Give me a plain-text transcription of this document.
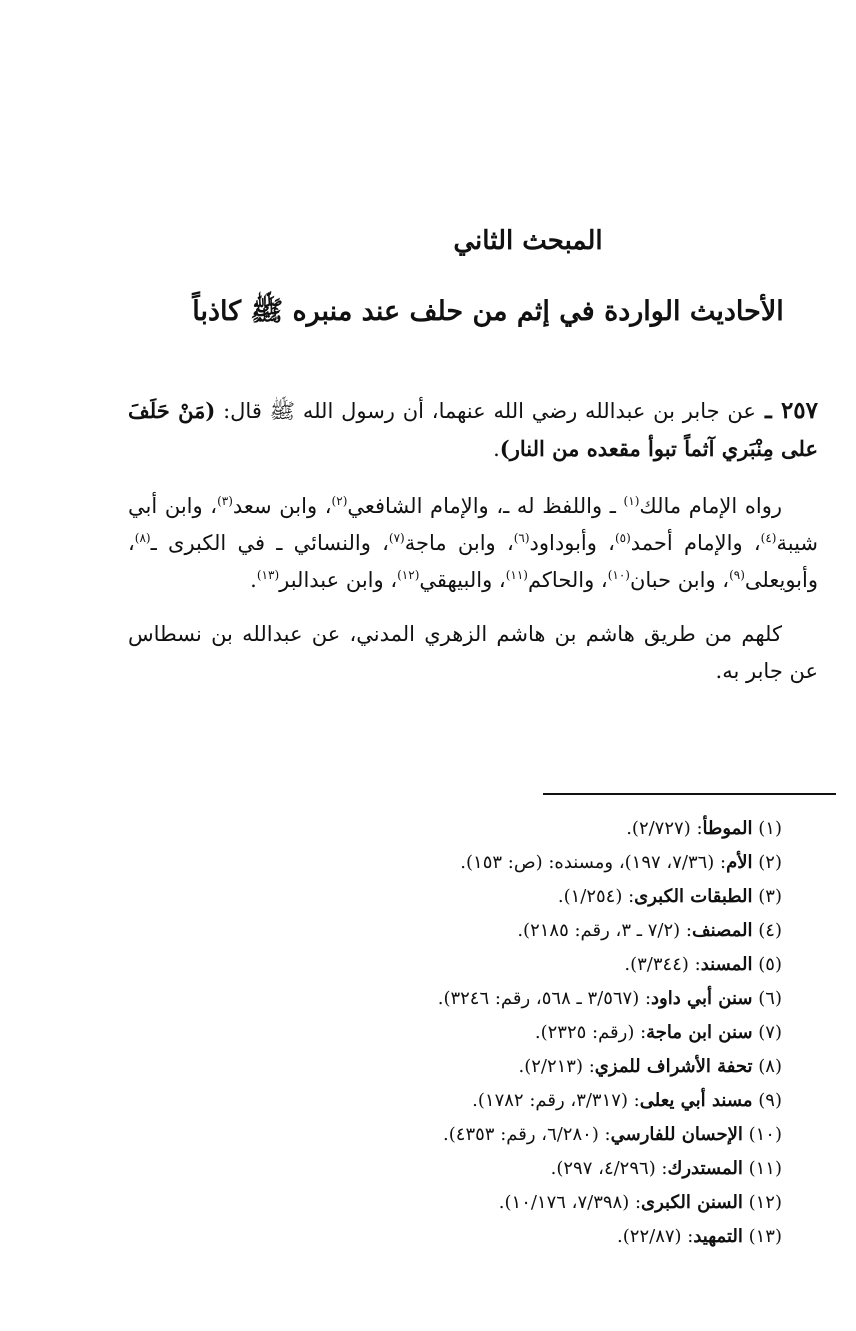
المبحث الثاني
الأحاديث الواردة في إثم من حلف عند منبره ﷺ كاذباً

٢٥٧ ـ عن جابر بن عبدالله رضي الله عنهما، أن رسول الله ﷺ قال: (مَنْ حَلَفَ على مِنْبَري آثماً تبوأ مقعده من النار).

رواه الإمام مالك$^{(١)}$ ـ واللفظ له ـ، والإمام الشافعي$^{(٢)}$، وابن سعد$^{(٣)}$، وابن أبي شيبة$^{(٤)}$، والإمام أحمد$^{(٥)}$، وأبوداود$^{(٦)}$، وابن ماجة$^{(٧)}$، والنسائي ـ في الكبرى ـ$^{(٨)}$، وأبويعلى$^{(٩)}$، وابن حبان$^{(١٠)}$، والحاكم$^{(١١)}$، والبيهقي$^{(١٢)}$، وابن عبدالبر$^{(١٣)}$.

كلهم من طريق هاشم بن هاشم الزهري المدني، عن عبدالله بن نسطاس عن جابر به.

(١) الموطأ: (٢/٧٢٧).
(٢) الأم: (٧/٣٦، ١٩٧)، ومسنده: (ص: ١٥٣).
(٣) الطبقات الكبرى: (١/٢٥٤).
(٤) المصنف: (٧/٢ ـ ٣، رقم: ٢١٨٥).
(٥) المسند: (٣/٣٤٤).
(٦) سنن أبي داود: (٣/٥٦٧ ـ ٥٦٨، رقم: ٣٢٤٦).
(٧) سنن ابن ماجة: (رقم: ٢٣٢٥).
(٨) تحفة الأشراف للمزي: (٢/٢١٣).
(٩) مسند أبي يعلى: (٣/٣١٧، رقم: ١٧٨٢).
(١٠) الإحسان للفارسي: (٦/٢٨٠، رقم: ٤٣٥٣).
(١١) المستدرك: (٤/٢٩٦، ٢٩٧).
(١٢) السنن الكبرى: (٧/٣٩٨، ١٠/١٧٦).
(١٣) التمهيد: (٢٢/٨٧).
